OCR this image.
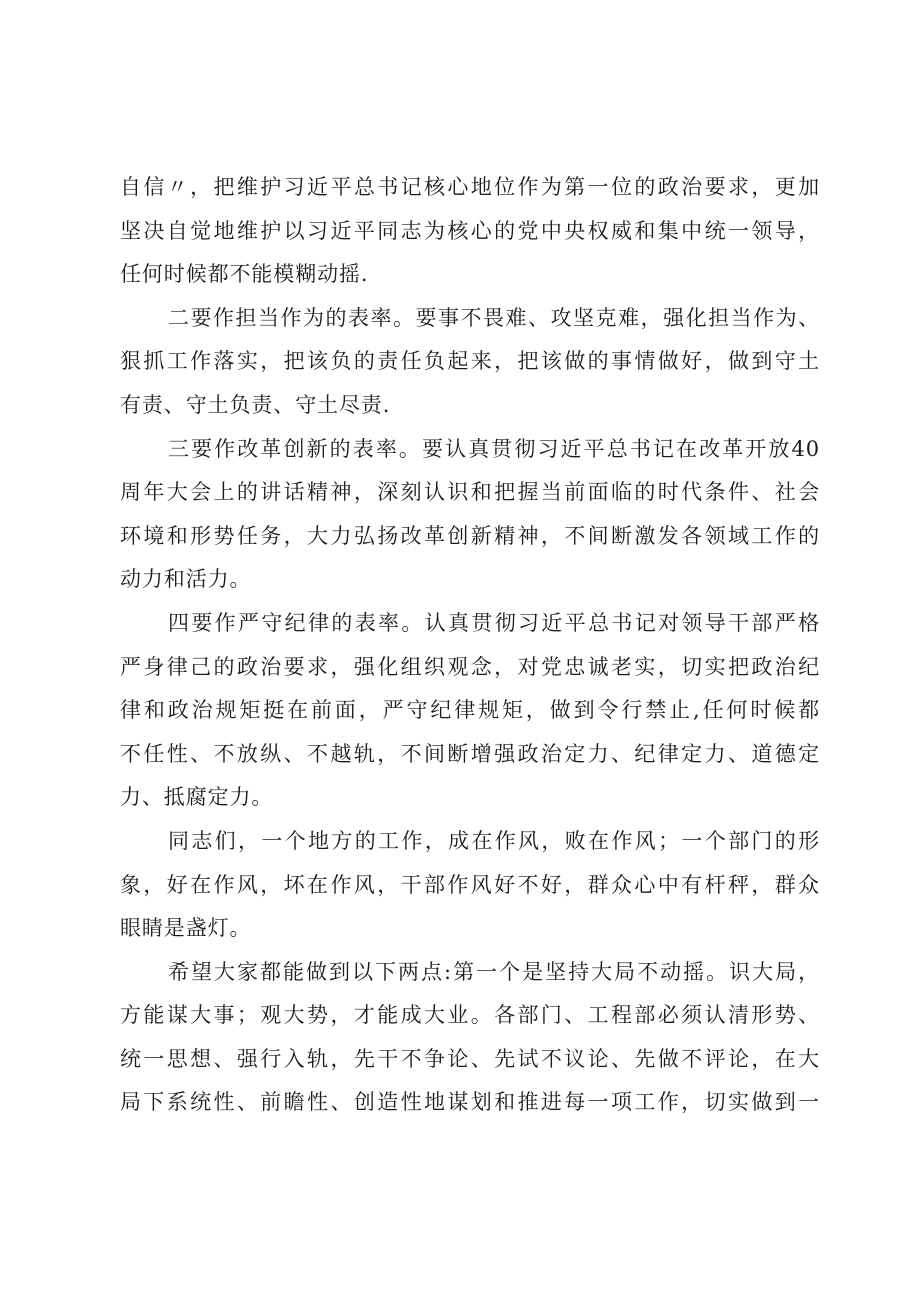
自信〃，把维护习近平总书记核心地位作为第一位的政治要求，更加
坚决自觉地维护以习近平同志为核心的党中央权威和集中统一领导，
任何时候都不能模糊动摇.
二要作担当作为的表率。要事不畏难、攻坚克难，强化担当作为、
狠抓工作落实，把该负的责任负起来，把该做的事情做好，做到守土
有责、守土负责、守土尽责.
三要作改革创新的表率。要认真贯彻习近平总书记在改革开放40
周年大会上的讲话精神，深刻认识和把握当前面临的时代条件、社会
环境和形势任务，大力弘扬改革创新精神，不间断激发各领域工作的
动力和活力。
四要作严守纪律的表率。认真贯彻习近平总书记对领导干部严格
严身律己的政治要求，强化组织观念，对党忠诚老实，切实把政治纪
律和政治规矩挺在前面，严守纪律规矩，做到令行禁止,任何时候都
不任性、不放纵、不越轨，不间断增强政治定力、纪律定力、道德定
力、抵腐定力。
同志们，一个地方的工作，成在作风，败在作风；一个部门的形
象，好在作风，坏在作风，干部作风好不好，群众心中有杆秤，群众
眼睛是盏灯。
希望大家都能做到以下两点:第一个是坚持大局不动摇。识大局，
方能谋大事；观大势，才能成大业。各部门、工程部必须认清形势、
统一思想、强行入轨，先干不争论、先试不议论、先做不评论，在大
局下系统性、前瞻性、创造性地谋划和推进每一项工作，切实做到一
